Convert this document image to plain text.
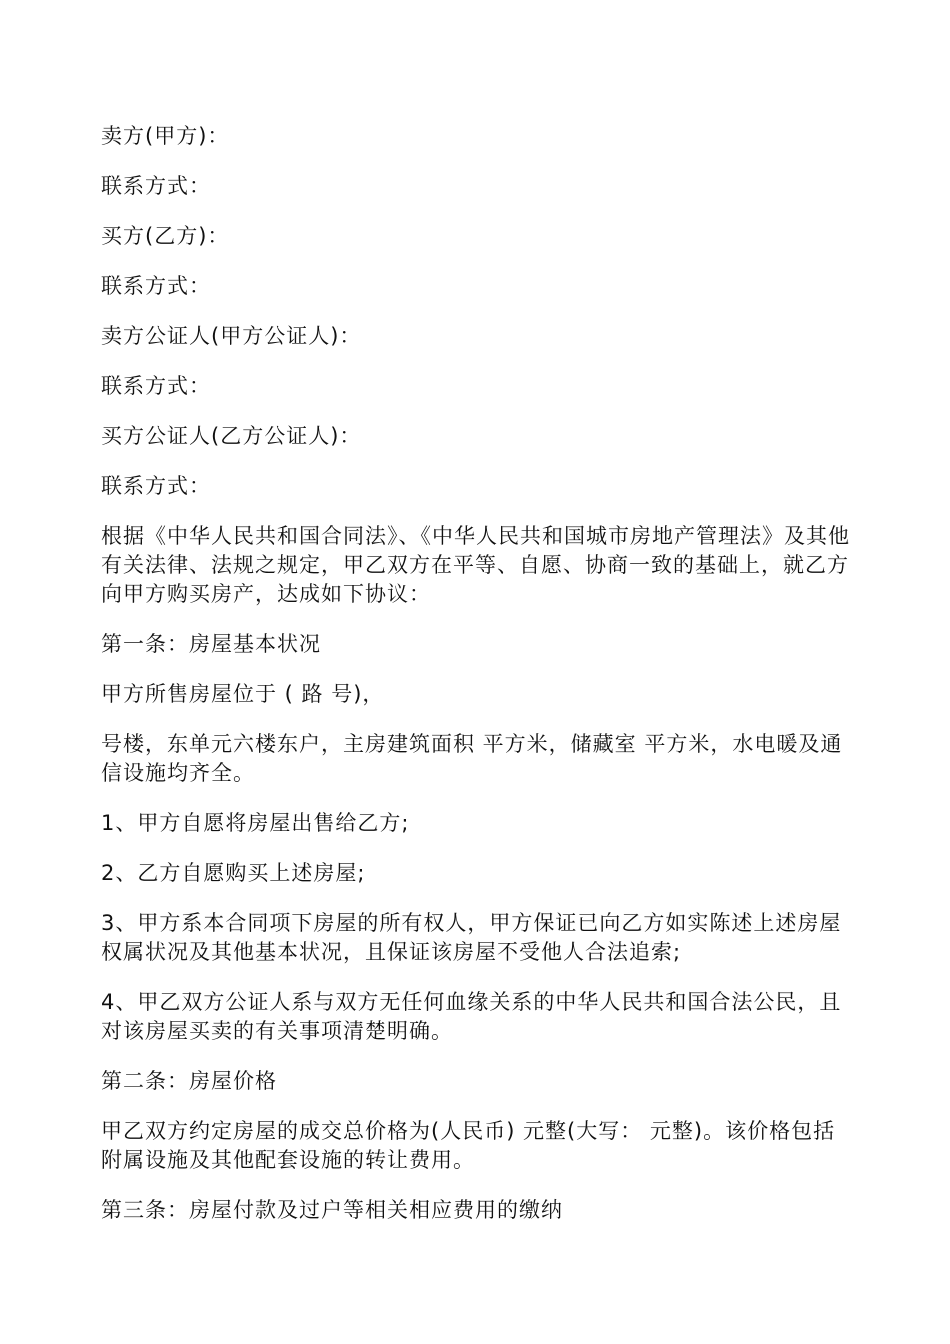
卖方(甲方)：

联系方式：

买方(乙方)：

联系方式：

卖方公证人(甲方公证人)：

联系方式：

买方公证人(乙方公证人)：

联系方式：

根据《中华人民共和国合同法》、《中华人民共和国城市房地产管理法》及其他有关法律、法规之规定，甲乙双方在平等、自愿、协商一致的基础上，就乙方向甲方购买房产，达成如下协议：

第一条：房屋基本状况

甲方所售房屋位于 ( 路 号)，

号楼，东单元六楼东户，主房建筑面积 平方米，储藏室 平方米，水电暖及通信设施均齐全。

1、甲方自愿将房屋出售给乙方;

2、乙方自愿购买上述房屋;

3、甲方系本合同项下房屋的所有权人，甲方保证已向乙方如实陈述上述房屋权属状况及其他基本状况，且保证该房屋不受他人合法追索;

4、甲乙双方公证人系与双方无任何血缘关系的中华人民共和国合法公民，且对该房屋买卖的有关事项清楚明确。

第二条：房屋价格

甲乙双方约定房屋的成交总价格为(人民币) 元整(大写： 元整)。该价格包括附属设施及其他配套设施的转让费用。

第三条：房屋付款及过户等相关相应费用的缴纳
